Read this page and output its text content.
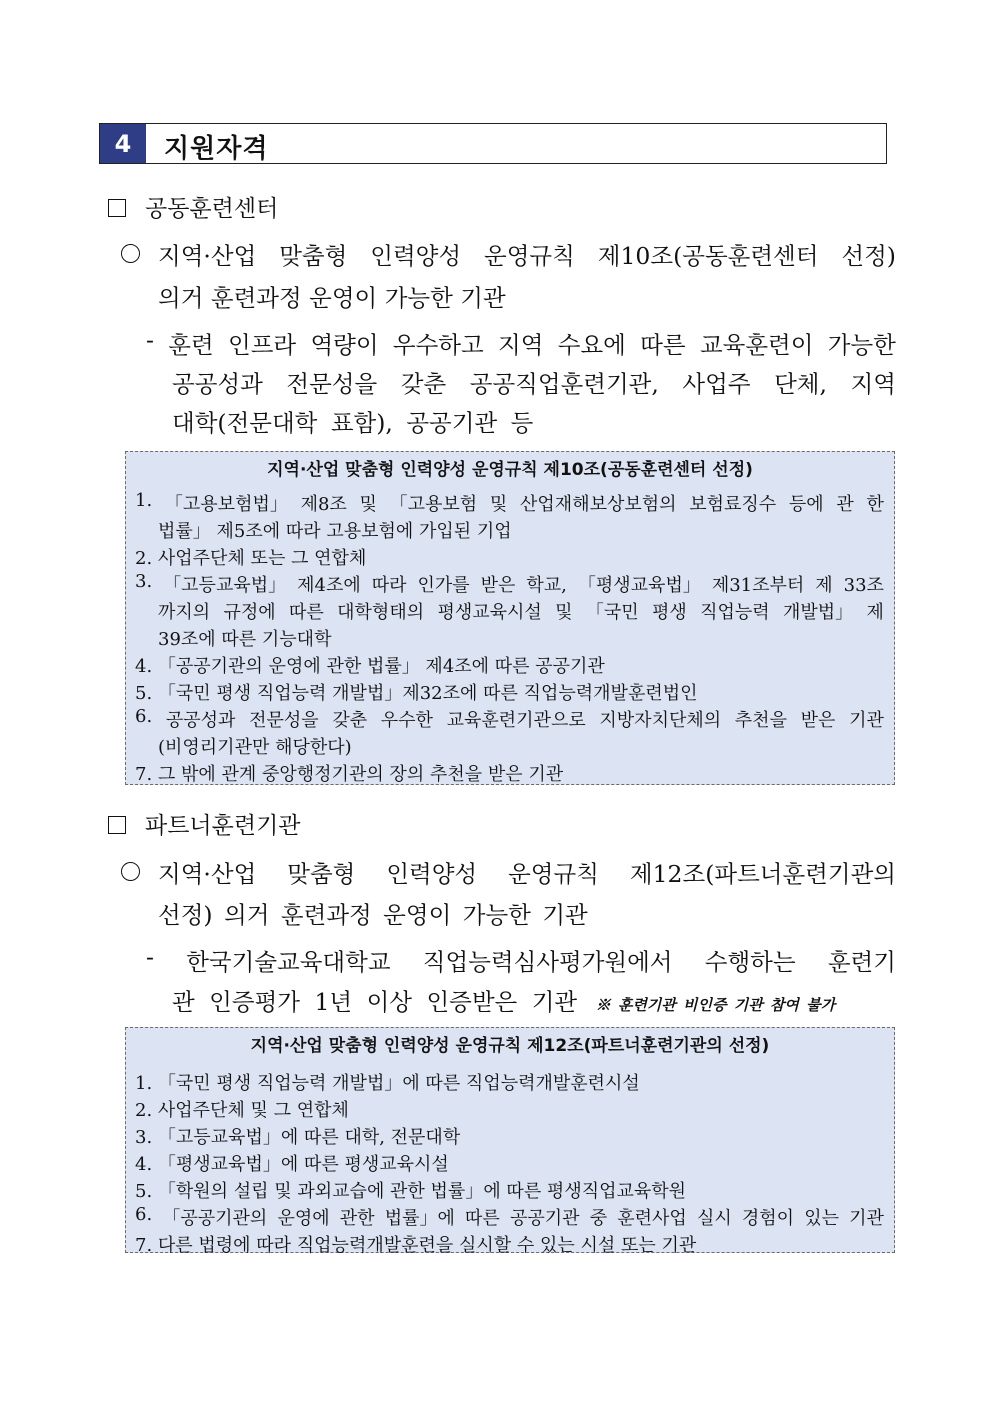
4	지원자격
공동훈련센터
지역·산업 맞춤형 인력양성 운영규칙 제10조(공동훈련센터 선정)
의거 훈련과정 운영이 가능한 기관
- 훈련 인프라 역량이 우수하고 지역 수요에 따른 교육훈련이 가능한
공공성과 전문성을 갖춘 공공직업훈련기관, 사업주 단체, 지역
대학(전문대학 표함), 공공기관 등
지역·산업 맞춤형 인력양성 운영규칙 제10조(공동훈련센터 선정)
1. 「고용보험법」 제8조 및 「고용보험 및 산업재해보상보험의 보험료징수 등에 관 한
법률」 제5조에 따라 고용보험에 가입된 기업
2. 사업주단체 또는 그 연합체
3. 「고등교육법」 제4조에 따라 인가를 받은 학교, 「평생교육법」 제31조부터 제 33조
까지의 규정에 따른 대학형태의 평생교육시설 및 「국민 평생 직업능력 개발법」 제
39조에 따른 기능대학
4. 「공공기관의 운영에 관한 법률」 제4조에 따른 공공기관
5. 「국민 평생 직업능력 개발법」제32조에 따른 직업능력개발훈련법인
6. 공공성과 전문성을 갖춘 우수한 교육훈련기관으로 지방자치단체의 추천을 받은 기관
(비영리기관만 해당한다)
7. 그 밖에 관계 중앙행정기관의 장의 추천을 받은 기관
파트너훈련기관
지역·산업 맞춤형 인력양성 운영규칙 제12조(파트너훈련기관의
선정) 의거 훈련과정 운영이 가능한 기관
- 한국기술교육대학교 직업능력심사평가원에서 수행하는 훈련기
관 인증평가 1년 이상 인증받은 기관 ※ 훈련기관 비인증 기관 참여 불가
지역·산업 맞춤형 인력양성 운영규칙 제12조(파트너훈련기관의 선정)
1. 「국민 평생 직업능력 개발법」에 따른 직업능력개발훈련시설
2. 사업주단체 및 그 연합체
3. 「고등교육법」에 따른 대학, 전문대학
4. 「평생교육법」에 따른 평생교육시설
5. 「학원의 설립 및 과외교습에 관한 법률」에 따른 평생직업교육학원
6. 「공공기관의 운영에 관한 법률」에 따른 공공기관 중 훈련사업 실시 경험이 있는 기관
7. 다른 법령에 따라 직업능력개발훈련을 실시할 수 있는 시설 또는 기관
